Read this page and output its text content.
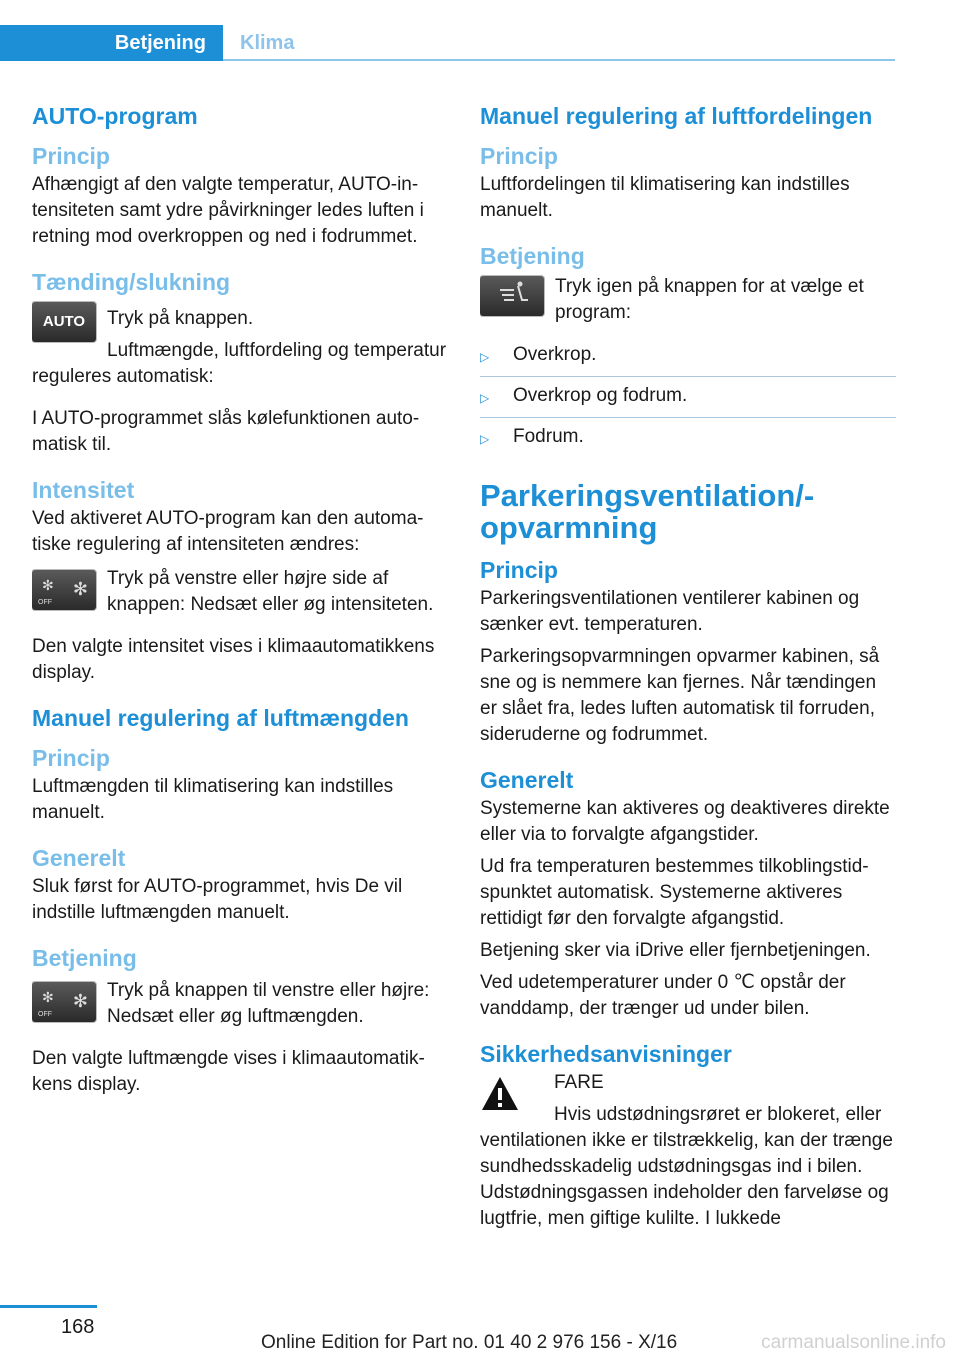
Betjening	Klima
AUTO-program
Princip

Afhængigt af den valgte temperatur, AUTO-intensiteten samt ydre påvirkninger ledes luften i retning mod overkroppen og ned i fodrummet.

Tænding/slukning
AUTO	Tryk på knappen.

Luftmængde, luftfordeling og temperatur reguleres automatisk:

I AUTO-programmet slås kølefunktionen automatisk til.

Intensitet

Ved aktiveret AUTO-program kan den automatiske regulering af intensiteten ændres:

✻
OFF
✻	Tryk på venstre eller højre side af knappen: Nedsæt eller øg intensiteten.

Den valgte intensitet vises i klimaautomatikkens display.

Manuel regulering af luftmængden
Princip

Luftmængden til klimatisering kan indstilles manuelt.

Generelt

Sluk først for AUTO-programmet, hvis De vil indstille luftmængden manuelt.

Betjening
✻
OFF
✻	Tryk på knappen til venstre eller højre: Nedsæt eller øg luftmængden.

Den valgte luftmængde vises i klimaautomatikkens display.

Manuel regulering af luftfordelingen
Princip

Luftfordelingen til klimatisering kan indstilles manuelt.

Betjening

Tryk igen på knappen for at vælge et program:

▷	Overkrop.
▷	Overkrop og fodrum.
▷	Fodrum.
Parkeringsventilation/-opvarmning
Princip

Parkeringsventilationen ventilerer kabinen og sænker evt. temperaturen.

Parkeringsopvarmningen opvarmer kabinen, så sne og is nemmere kan fjernes. Når tændingen er slået fra, ledes luften automatisk til forruden, sideruderne og fodrummet.

Generelt

Systemerne kan aktiveres og deaktiveres direkte eller via to forvalgte afgangstider.

Ud fra temperaturen bestemmes tilkoblingstidspunktet automatisk. Systemerne aktiveres rettidigt før den forvalgte afgangstid.

Betjening sker via iDrive eller fjernbetjeningen.

Ved udetemperaturer under 0 ℃ opstår der vanddamp, der trænger ud under bilen.

Sikkerhedsanvisninger

FARE

Hvis udstødningsrøret er blokeret, eller ventilationen ikke er tilstrækkelig, kan der trænge sundhedsskadelig udstødningsgas ind i bilen. Udstødningsgassen indeholder den farveløse og lugtfrie, men giftige kulilte. I lukkede

168
Online Edition for Part no. 01 40 2 976 156 - X/16	carmanualsonline.info
